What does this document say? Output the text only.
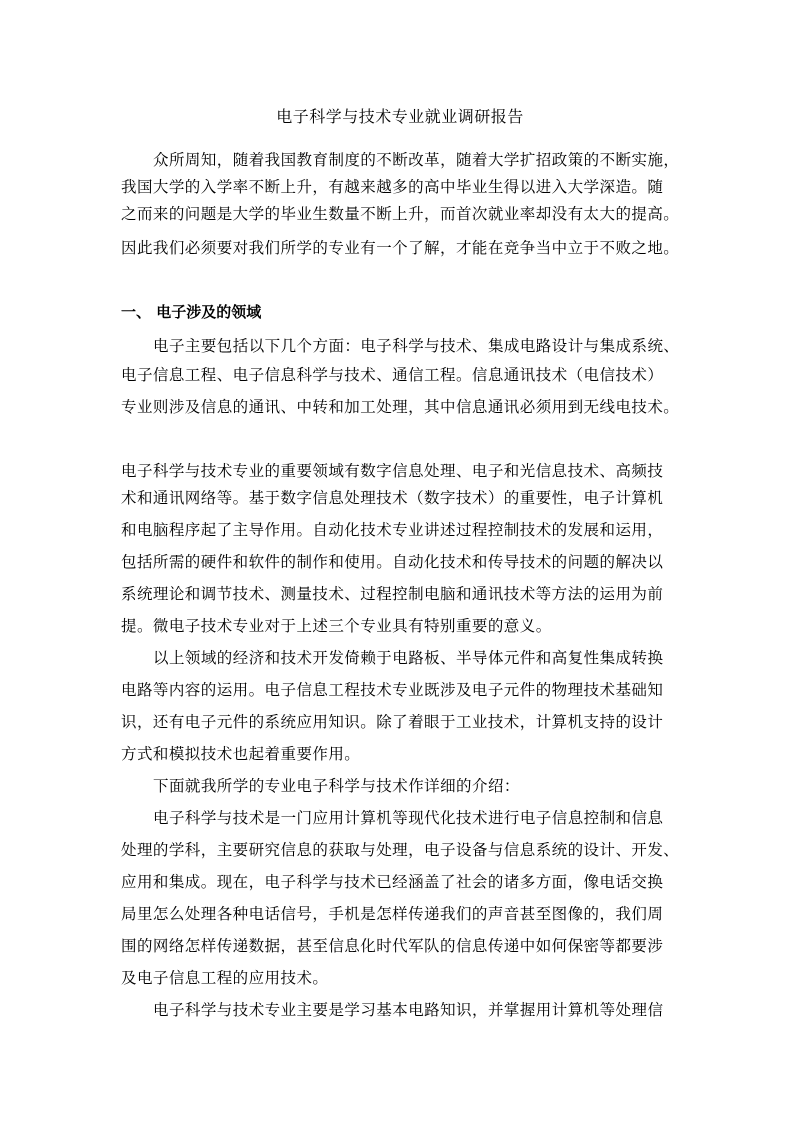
电子科学与技术专业就业调研报告
众所周知，随着我国教育制度的不断改革，随着大学扩招政策的不断实施，
我国大学的入学率不断上升，有越来越多的高中毕业生得以进入大学深造。随
之而来的问题是大学的毕业生数量不断上升，而首次就业率却没有太大的提高。
因此我们必须要对我们所学的专业有一个了解，才能在竞争当中立于不败之地。
一、 电子涉及的领域
电子主要包括以下几个方面：电子科学与技术、集成电路设计与集成系统、
电子信息工程、电子信息科学与技术、通信工程。信息通讯技术（电信技术）
专业则涉及信息的通讯、中转和加工处理，其中信息通讯必须用到无线电技术。
电子科学与技术专业的重要领域有数字信息处理、电子和光信息技术、高频技
术和通讯网络等。基于数字信息处理技术（数字技术）的重要性，电子计算机
和电脑程序起了主导作用。自动化技术专业讲述过程控制技术的发展和运用，
包括所需的硬件和软件的制作和使用。自动化技术和传导技术的问题的解决以
系统理论和调节技术、测量技术、过程控制电脑和通讯技术等方法的运用为前
提。微电子技术专业对于上述三个专业具有特别重要的意义。
以上领域的经济和技术开发倚赖于电路板、半导体元件和高复性集成转换
电路等内容的运用。电子信息工程技术专业既涉及电子元件的物理技术基础知
识，还有电子元件的系统应用知识。除了着眼于工业技术，计算机支持的设计
方式和模拟技术也起着重要作用。
下面就我所学的专业电子科学与技术作详细的介绍：
电子科学与技术是一门应用计算机等现代化技术进行电子信息控制和信息
处理的学科，主要研究信息的获取与处理，电子设备与信息系统的设计、开发、
应用和集成。现在，电子科学与技术已经涵盖了社会的诸多方面，像电话交换
局里怎么处理各种电话信号，手机是怎样传递我们的声音甚至图像的，我们周
围的网络怎样传递数据，甚至信息化时代军队的信息传递中如何保密等都要涉
及电子信息工程的应用技术。
电子科学与技术专业主要是学习基本电路知识，并掌握用计算机等处理信
